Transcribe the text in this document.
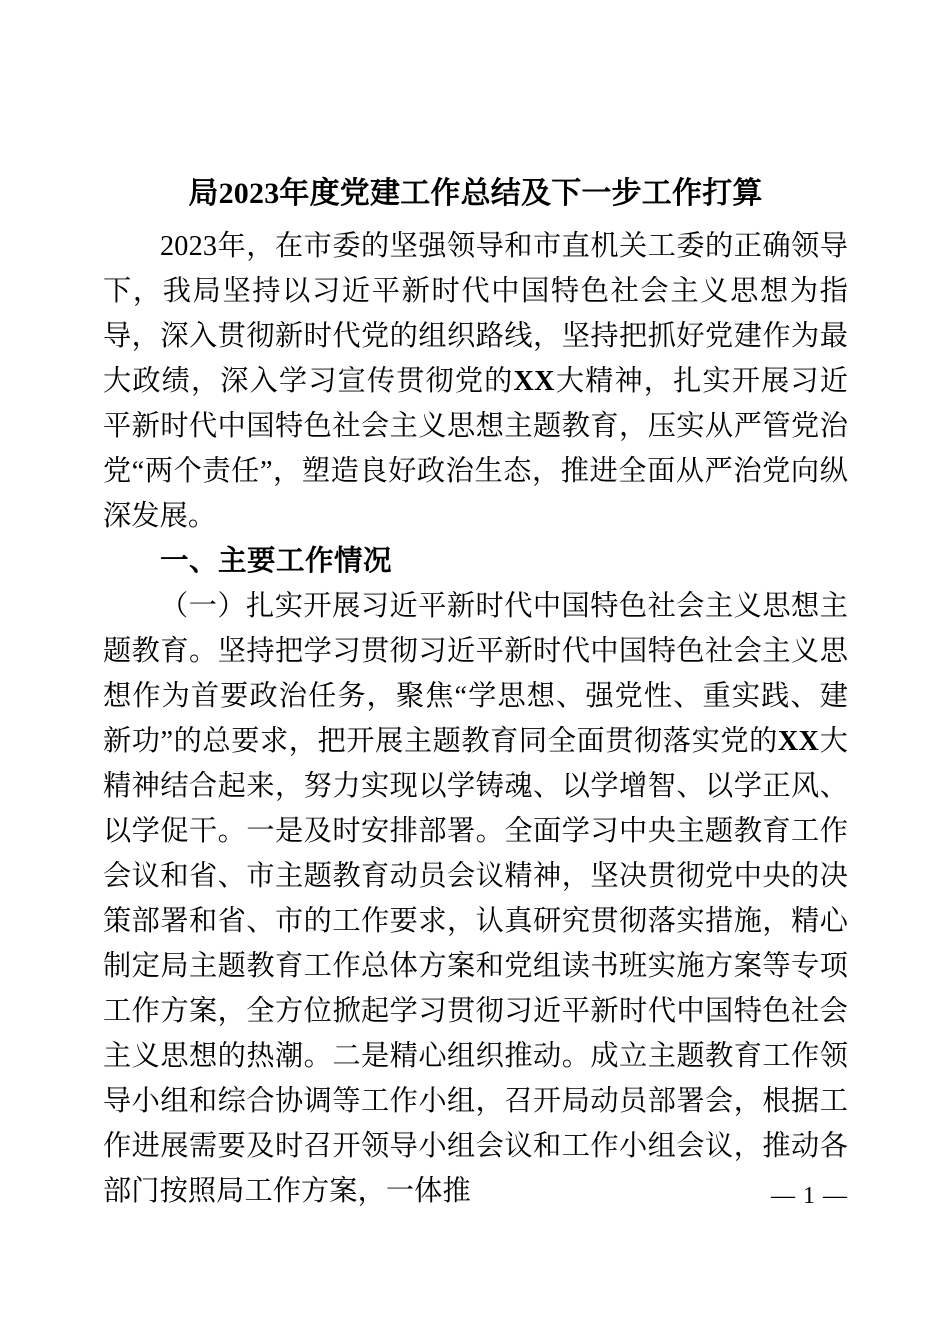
局2023年度党建工作总结及下一步工作打算

2023年，在市委的坚强领导和市直机关工委的正确领导下，我局坚持以习近平新时代中国特色社会主义思想为指导，深入贯彻新时代党的组织路线，坚持把抓好党建作为最大政绩，深入学习宣传贯彻党的XX大精神，扎实开展习近平新时代中国特色社会主义思想主题教育，压实从严管党治党“两个责任”，塑造良好政治生态，推进全面从严治党向纵深发展。

一、主要工作情况

（一）扎实开展习近平新时代中国特色社会主义思想主题教育。坚持把学习贯彻习近平新时代中国特色社会主义思想作为首要政治任务，聚焦“学思想、强党性、重实践、建新功”的总要求，把开展主题教育同全面贯彻落实党的XX大精神结合起来，努力实现以学铸魂、以学增智、以学正风、以学促干。一是及时安排部署。全面学习中央主题教育工作会议和省、市主题教育动员会议精神，坚决贯彻党中央的决策部署和省、市的工作要求，认真研究贯彻落实措施，精心制定局主题教育工作总体方案和党组读书班实施方案等专项工作方案，全方位掀起学习贯彻习近平新时代中国特色社会主义思想的热潮。二是精心组织推动。成立主题教育工作领导小组和综合协调等工作小组，召开局动员部署会，根据工作进展需要及时召开领导小组会议和工作小组会议，推动各部门按照局工作方案，一体推	— 1 —
